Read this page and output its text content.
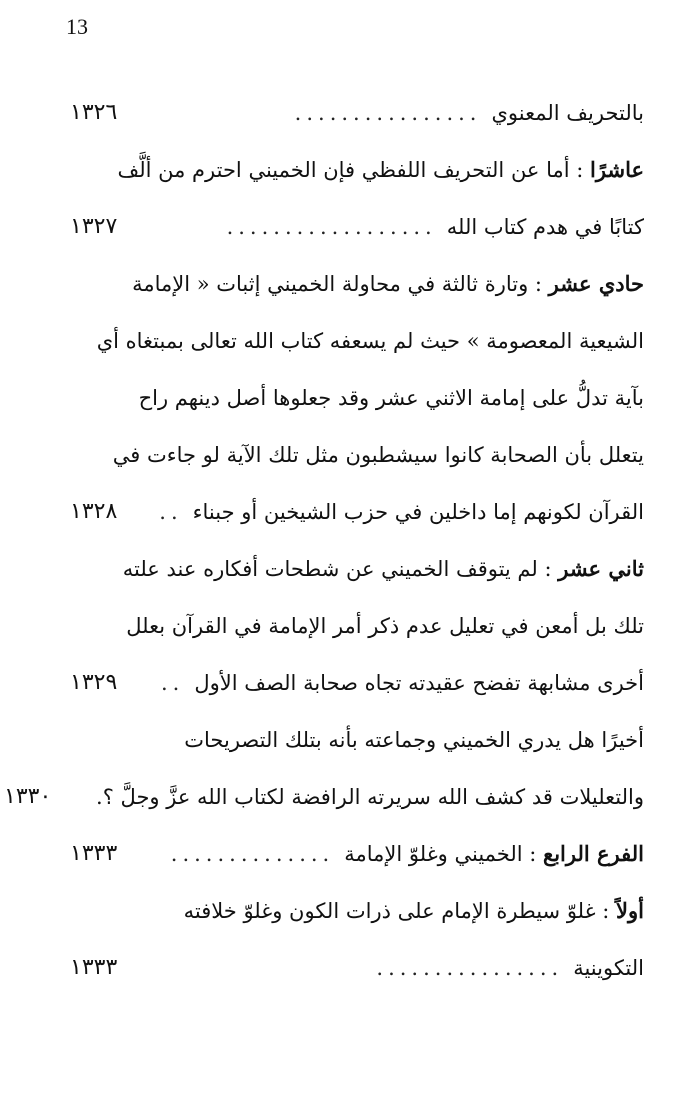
13
بالتحريف المعنوي
................
١٣٢٦
عاشرًا : أما عن التحريف اللفظي فإن الخميني احترم من ألَّف
كتابًا في هدم كتاب الله
..................
١٣٢٧
حادي عشر : وتارة ثالثة في محاولة الخميني إثبات « الإمامة
الشيعية المعصومة » حيث لم يسعفه كتاب الله تعالى بمبتغاه أي
بآية تدلُّ على إمامة الاثني عشر وقد جعلوها أصل دينهم راح
يتعلل بأن الصحابة كانوا سيشطبون مثل تلك الآية لو جاءت في
القرآن لكونهم إما داخلين في حزب الشيخين أو جبناء
..
١٣٢٨
ثاني عشر : لم يتوقف الخميني عن شطحات أفكاره عند علته
تلك بل أمعن في تعليل عدم ذكر أمر الإمامة في القرآن بعلل
أخرى مشابهة تفضح عقيدته تجاه صحابة الصف الأول
..
١٣٢٩
أخيرًا هل يدري الخميني وجماعته بأنه بتلك التصريحات
والتعليلات قد كشف الله سريرته الرافضة لكتاب الله عزَّ وجلَّ ؟.
١٣٣٠
الفرع الرابع : الخميني وغلوّ الإمامة
..............
١٣٣٣
أولاً : غلوّ سيطرة الإمام على ذرات الكون وغلوّ خلافته
التكوينية
................
١٣٣٣
